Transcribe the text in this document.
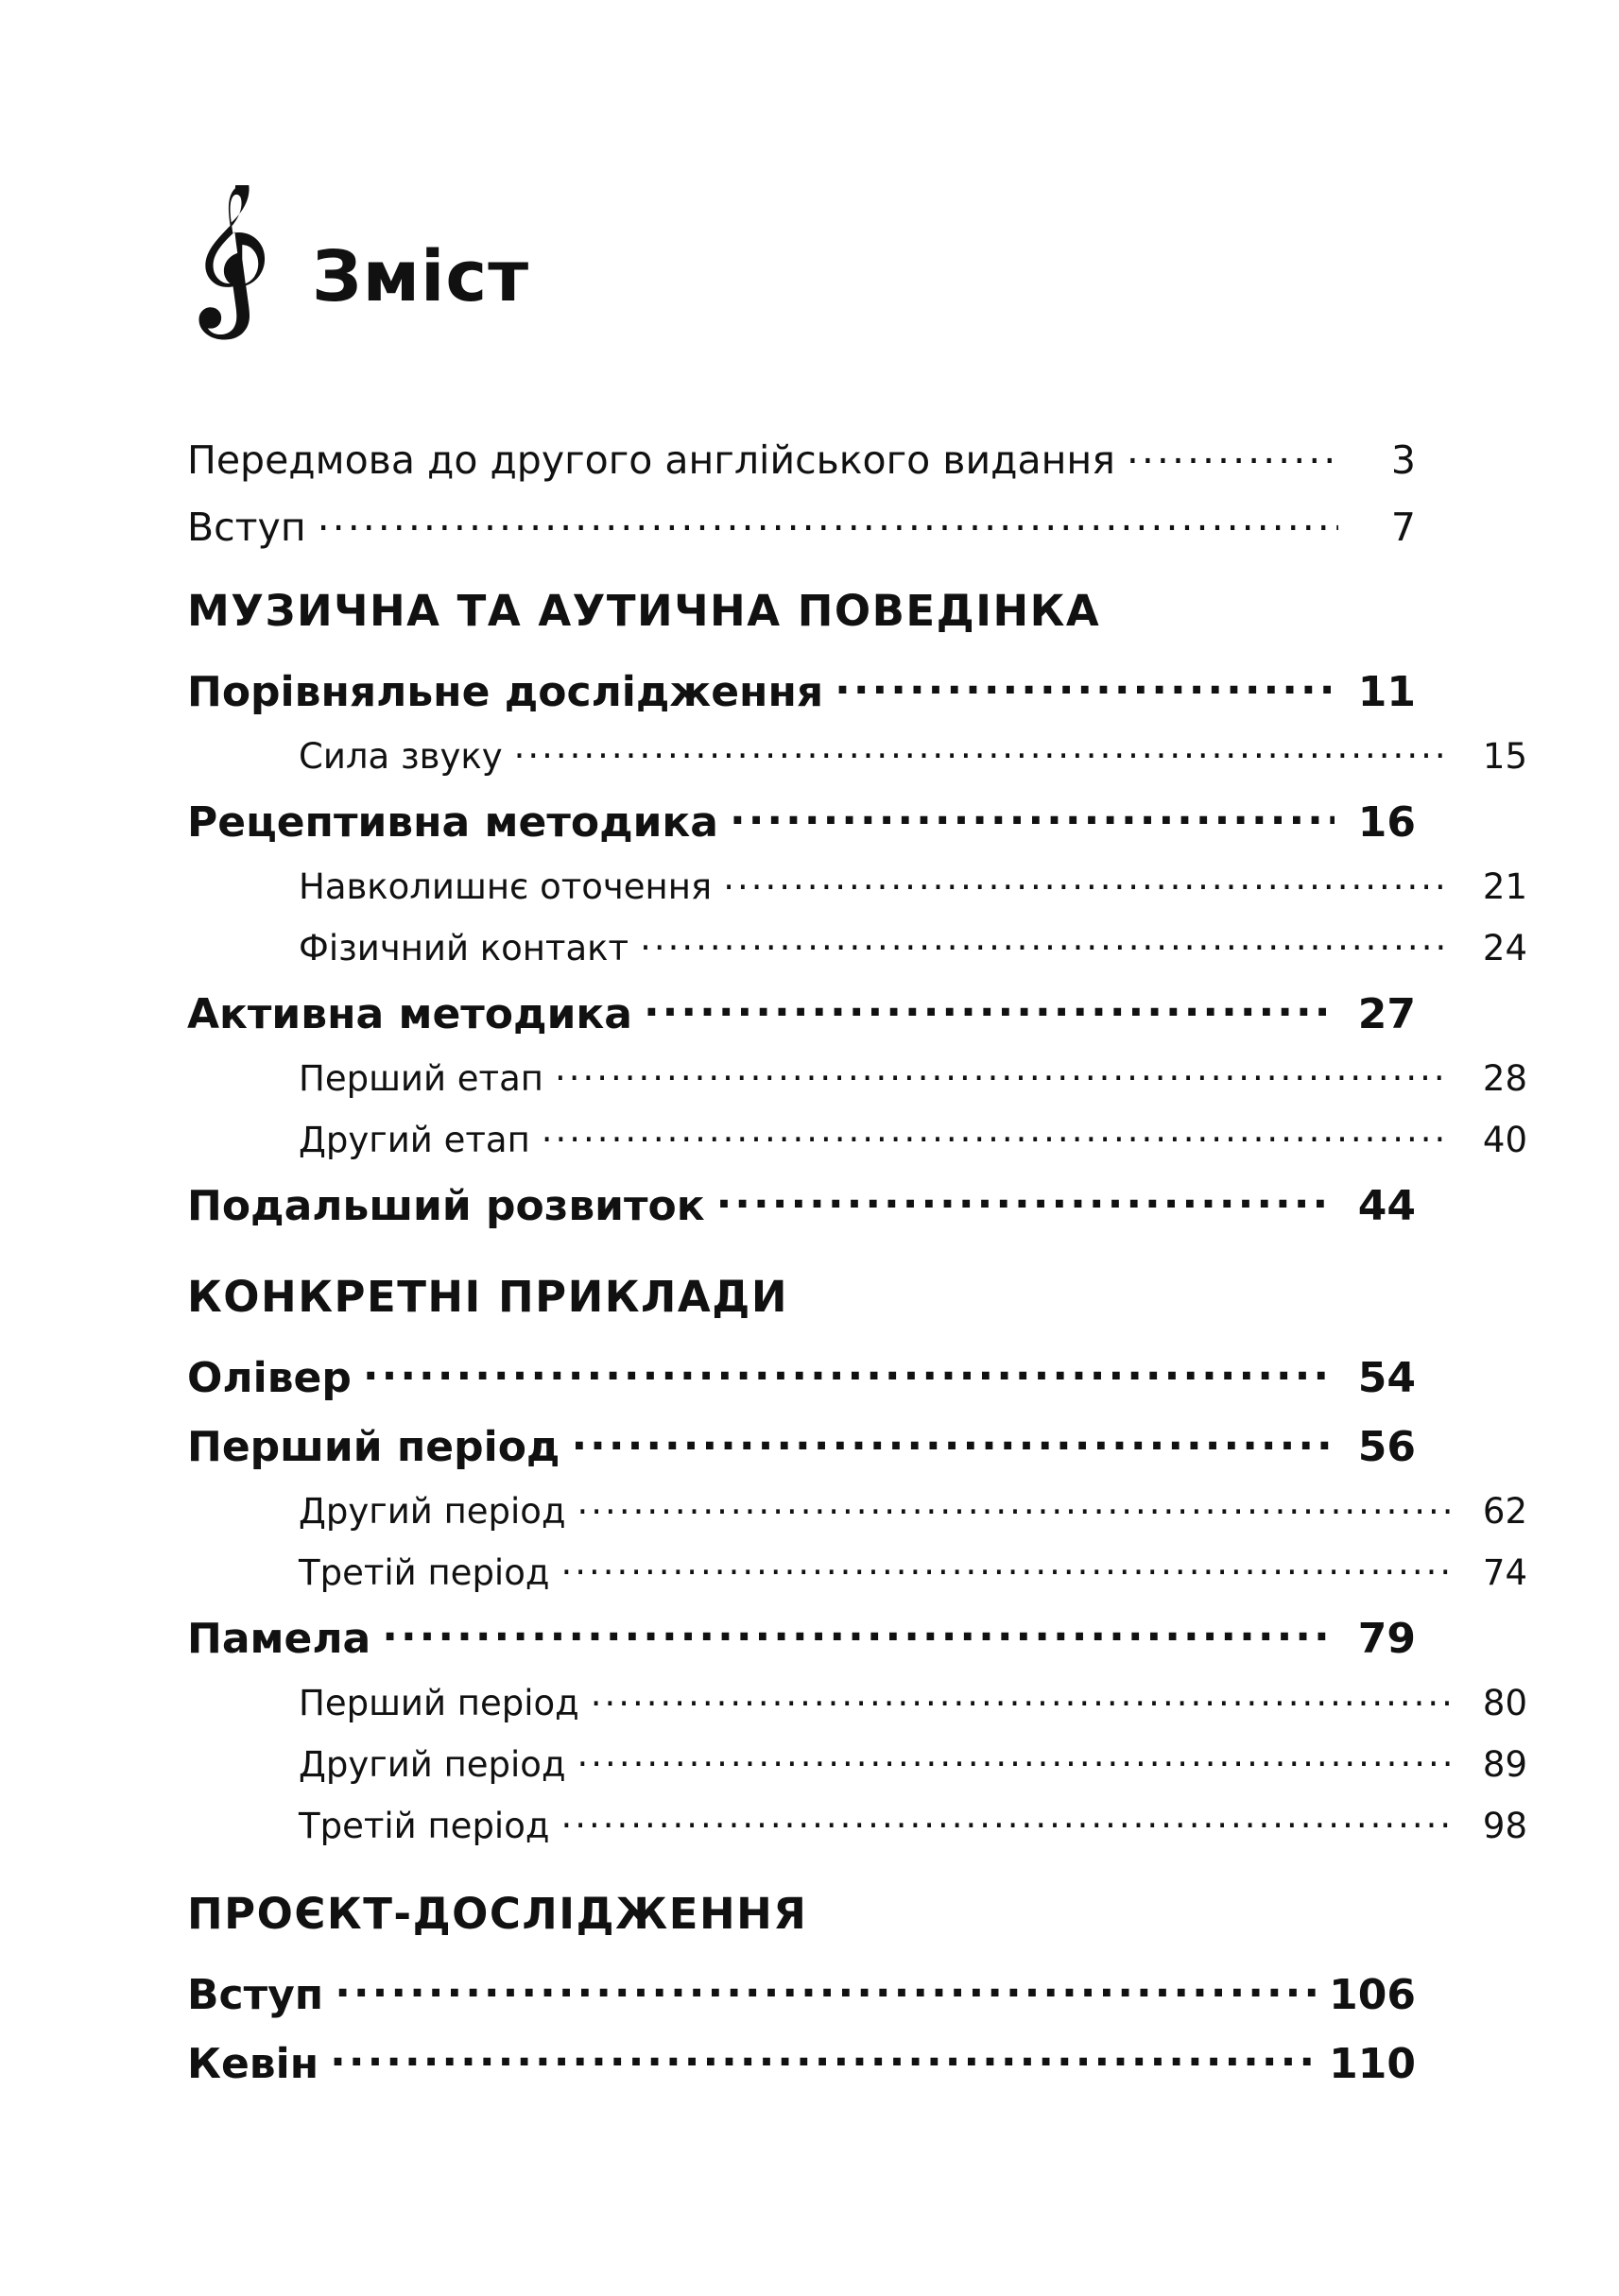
Зміст
Передмова до другого англійського видання .....	3
Вступ .....	7
МУЗИЧНА ТА АУТИЧНА ПОВЕДІНКА
Порівняльне дослідження .....	11
Сила звуку .....	15
Рецептивна методика .....	16
Навколишнє оточення .....	21
Фізичний контакт .....	24
Активна методика .....	27
Перший етап .....	28
Другий етап .....	40
Подальший розвиток .....	44
КОНКРЕТНІ ПРИКЛАДИ
Олівер .....	54
Перший період .....	56
Другий період .....	62
Третій період .....	74
Памела .....	79
Перший період .....	80
Другий період .....	89
Третій період .....	98
ПРОЄКТ-ДОСЛІДЖЕННЯ
Вступ .....	106
Кевін .....	110
